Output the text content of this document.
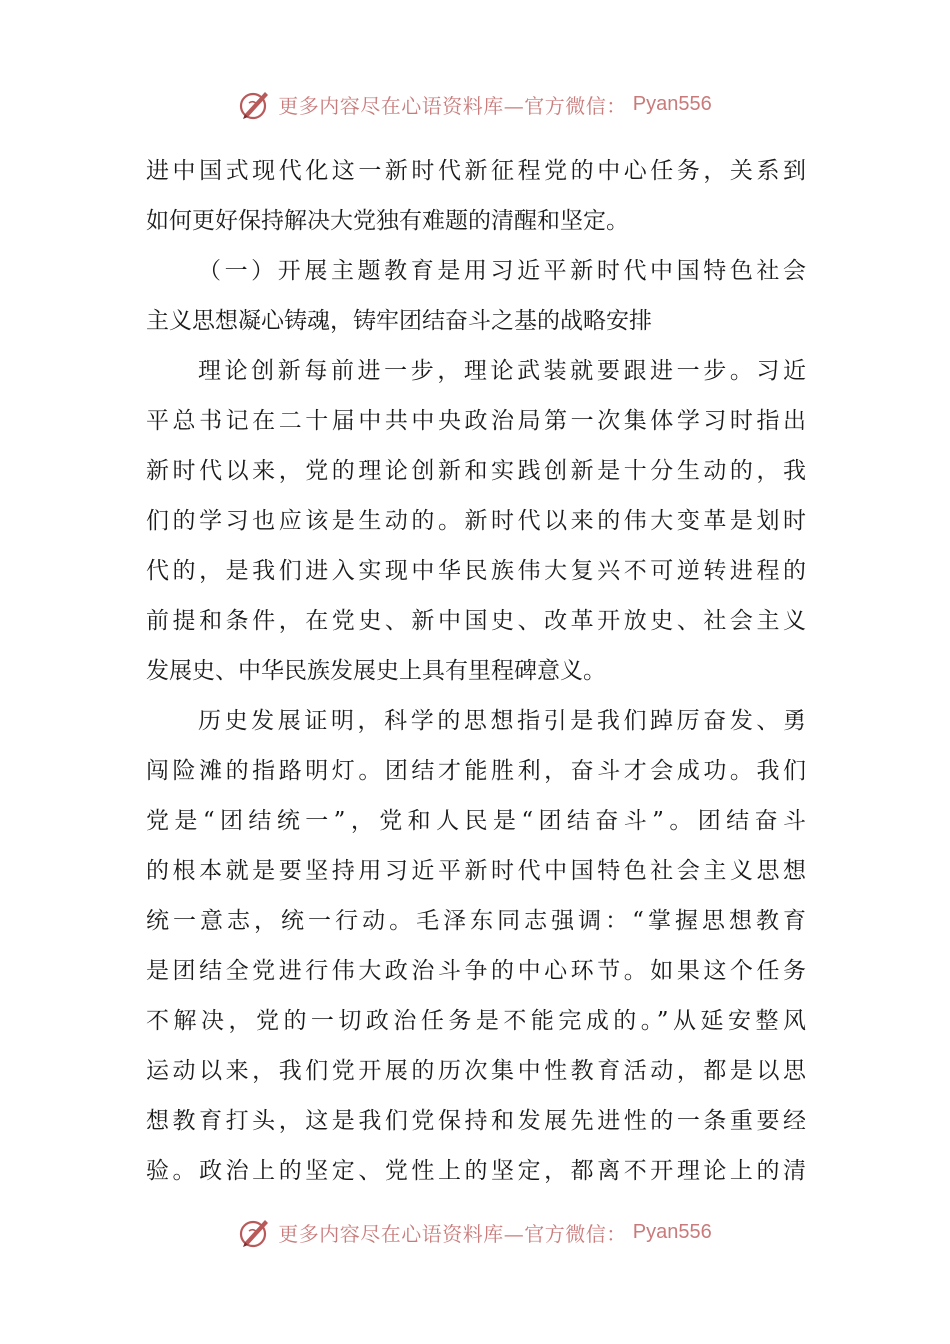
更多内容尽在心语资料库—官方微信： Pyan556
进中国式现代化这一新时代新征程党的中心任务，关系到
如何更好保持解决大党独有难题的清醒和坚定。
（一）开展主题教育是用习近平新时代中国特色社会
主义思想凝心铸魂，铸牢团结奋斗之基的战略安排
理论创新每前进一步，理论武装就要跟进一步。习近
平总书记在二十届中共中央政治局第一次集体学习时指出
新时代以来，党的理论创新和实践创新是十分生动的，我
们的学习也应该是生动的。新时代以来的伟大变革是划时
代的，是我们进入实现中华民族伟大复兴不可逆转进程的
前提和条件，在党史、新中国史、改革开放史、社会主义
发展史、中华民族发展史上具有里程碑意义。
历史发展证明，科学的思想指引是我们踔厉奋发、勇
闯险滩的指路明灯。团结才能胜利，奋斗才会成功。我们
党是“团结统一”，党和人民是“团结奋斗”。团结奋斗
的根本就是要坚持用习近平新时代中国特色社会主义思想
统一意志，统一行动。毛泽东同志强调：“掌握思想教育
是团结全党进行伟大政治斗争的中心环节。如果这个任务
不解决，党的一切政治任务是不能完成的。”从延安整风
运动以来，我们党开展的历次集中性教育活动，都是以思
想教育打头，这是我们党保持和发展先进性的一条重要经
验。政治上的坚定、党性上的坚定，都离不开理论上的清
更多内容尽在心语资料库—官方微信： Pyan556
